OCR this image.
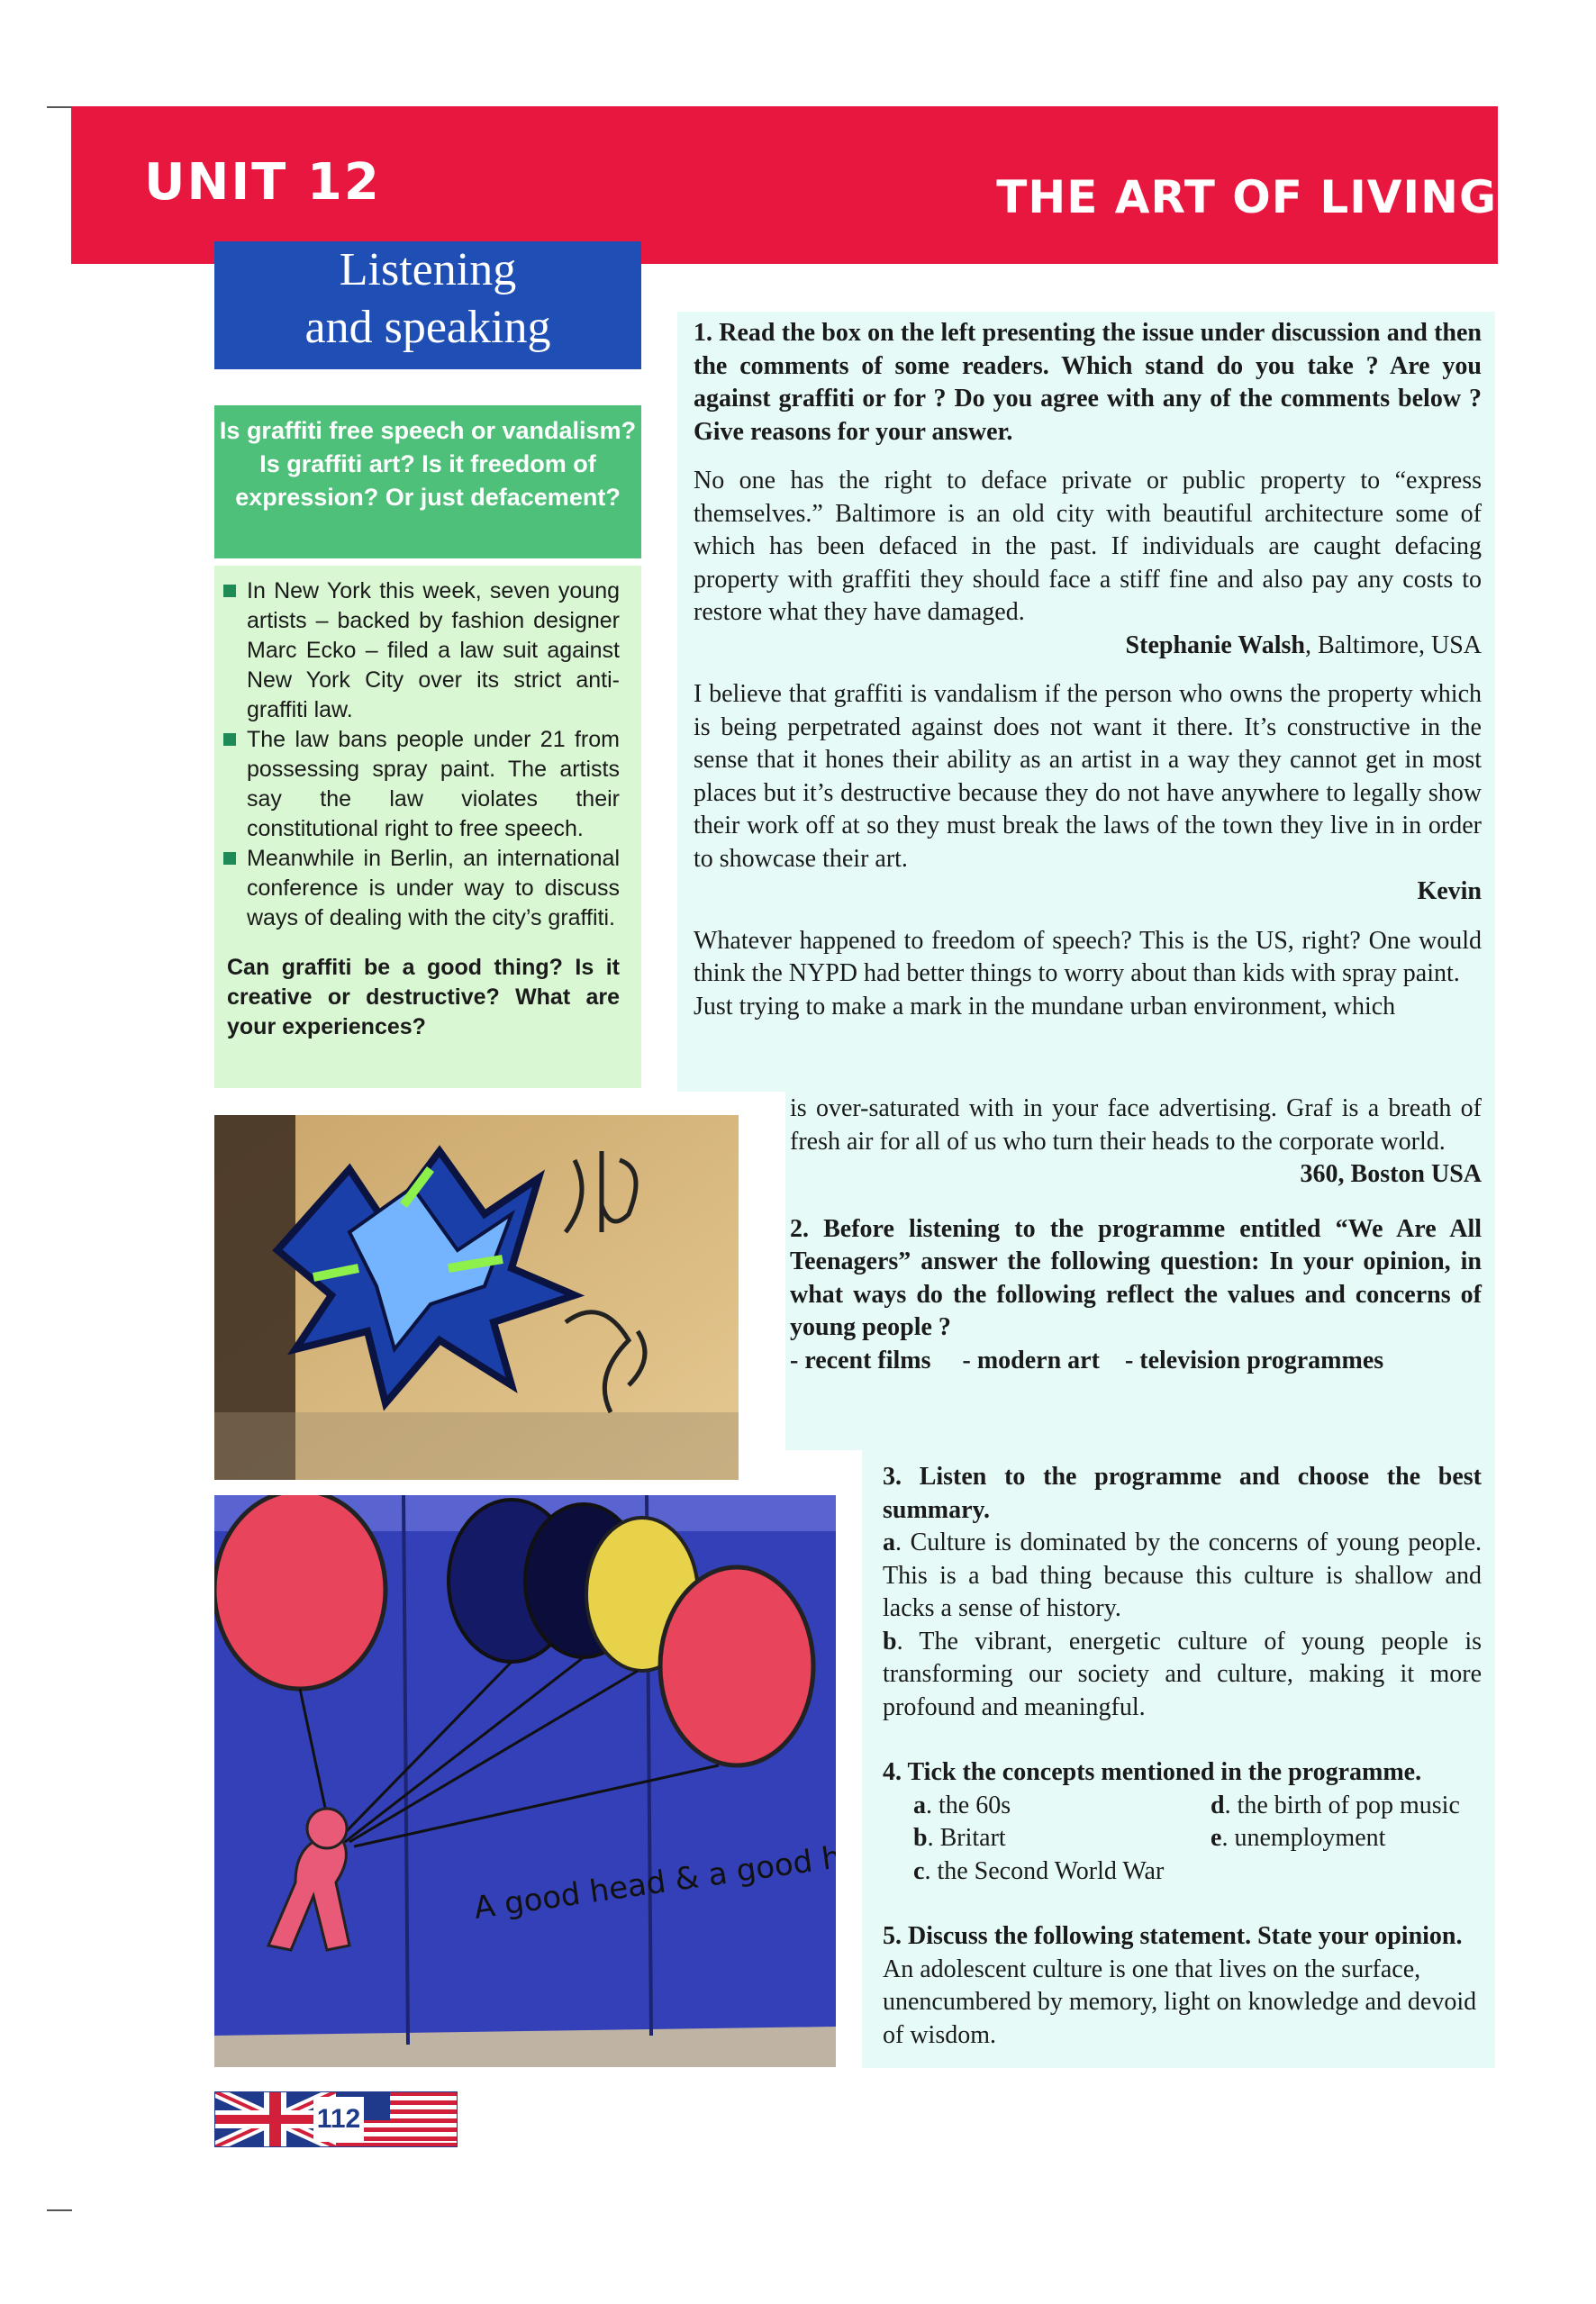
UNIT 12	THE ART OF LIVING
Listening
and speaking
Is graffiti free speech or vandalism? Is graffiti art? Is it freedom of expression? Or just defacement?

In New York this week, seven young artists – backed by fashion designer Marc Ecko – filed a law suit against New York City over its strict anti-graffiti law.

The law bans people under 21 from possessing spray paint. The artists say the law violates their constitutional right to free speech.

Meanwhile in Berlin, an international conference is under way to discuss ways of dealing with the city’s graffiti.

Can graffiti be a good thing? Is it creative or destructive? What are your experiences?

1. Read the box on the left presenting the issue under discussion and then the comments of some readers. Which stand do you take ? Are you against graffiti or for ? Do you agree with any of the comments below ? Give reasons for your answer.

No one has the right to deface private or public property to “express themselves.” Baltimore is an old city with beautiful architecture some of which has been defaced in the past. If individuals are caught defacing property with graffiti they should face a stiff fine and also pay any costs to restore what they have damaged.

Stephanie Walsh, Baltimore, USA

I believe that graffiti is vandalism if the person who owns the property which is being perpetrated against does not want it there. It’s constructive in the sense that it hones their ability as an artist in a way they cannot get in most places but it’s destructive because they do not have anywhere to legally show their work off at so they must break the laws of the town they live in in order to showcase their art.

Kevin

Whatever happened to freedom of speech? This is the US, right? One would think the NYPD had better things to worry about than kids with spray paint.

Just trying to make a mark in the mundane urban environment, which

is over-saturated with in your face advertising. Graf is a breath of fresh air for all of us who turn their heads to the corporate world.

360, Boston USA

2. Before listening to the programme entitled “We Are All Teenagers” answer the following question: In your opinion, in what ways do the following reflect the values and concerns of young people ?

- recent films - modern art - television programmes

3. Listen to the programme and choose the best summary.

a. Culture is dominated by the concerns of young people. This is a bad thing because this culture is shallow and lacks a sense of history.

b. The vibrant, energetic culture of young people is transforming our society and culture, making it more profound and meaningful.

4. Tick the concepts mentioned in the programme.

a. the 60s	d. the birth of pop music

b. Britart	e. unemployment

c. the Second World War

5. Discuss the following statement. State your opinion.

An adolescent culture is one that lives on the surface, unencumbered by memory, light on knowledge and devoid of wisdom.

112
